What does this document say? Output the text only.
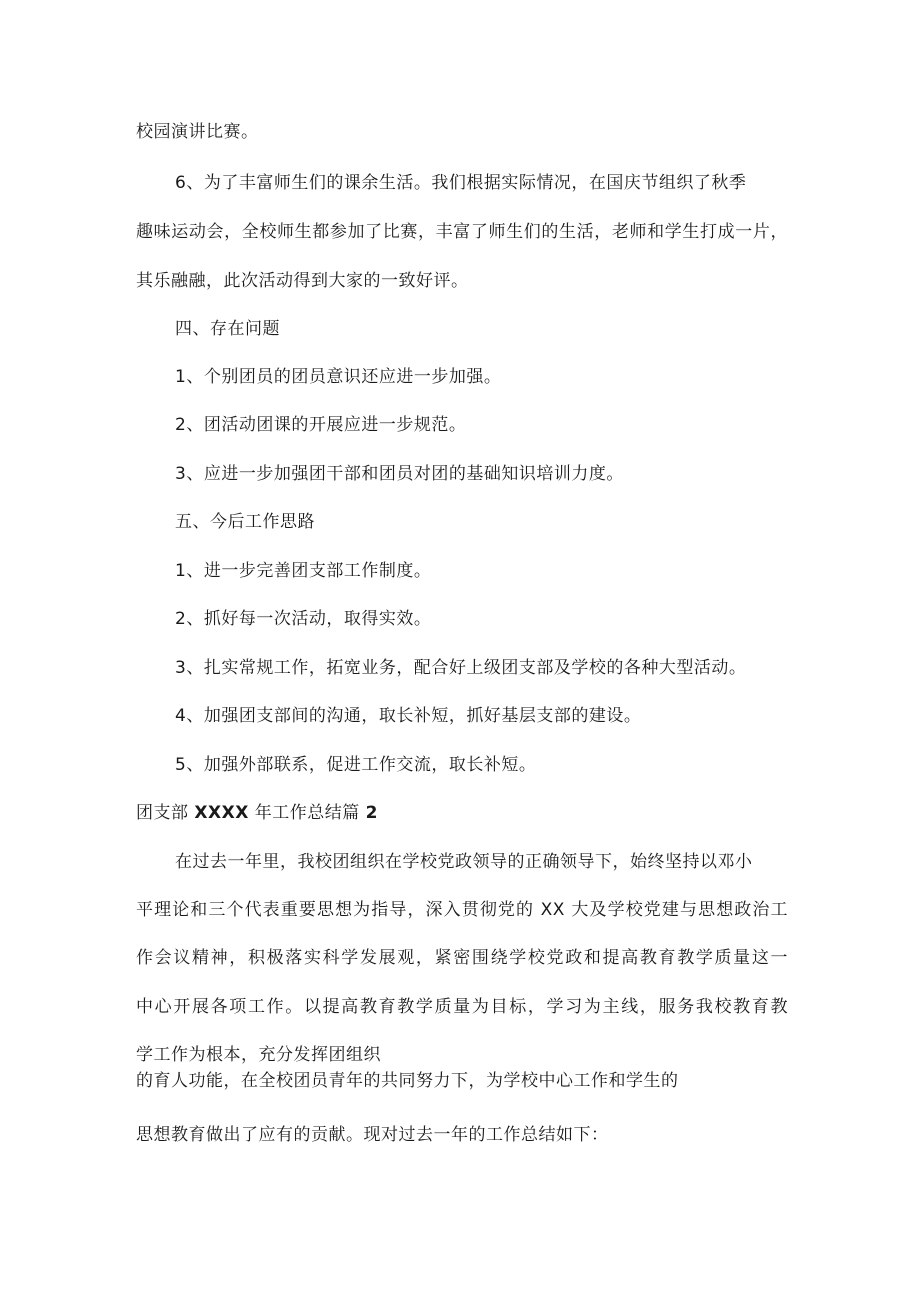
校园演讲比赛。
6、为了丰富师生们的课余生活。我们根据实际情况，在国庆节组织了秋季
趣味运动会，全校师生都参加了比赛，丰富了师生们的生活，老师和学生打成一片，
其乐融融，此次活动得到大家的一致好评。
四、存在问题
1、个别团员的团员意识还应进一步加强。
2、团活动团课的开展应进一步规范。
3、应进一步加强团干部和团员对团的基础知识培训力度。
五、今后工作思路
1、进一步完善团支部工作制度。
2、抓好每一次活动，取得实效。
3、扎实常规工作，拓宽业务，配合好上级团支部及学校的各种大型活动。
4、加强团支部间的沟通，取长补短，抓好基层支部的建设。
5、加强外部联系，促进工作交流，取长补短。
团支部 XXXX 年工作总结篇 2
在过去一年里，我校团组织在学校党政领导的正确领导下，始终坚持以邓小
平理论和三个代表重要思想为指导，深入贯彻党的 XX 大及学校党建与思想政治工
作会议精神，积极落实科学发展观，紧密围绕学校党政和提高教育教学质量这一
中心开展各项工作。以提高教育教学质量为目标，学习为主线，服务我校教育教
学工作为根本，充分发挥团组织
的育人功能，在全校团员青年的共同努力下，为学校中心工作和学生的
思想教育做出了应有的贡献。现对过去一年的工作总结如下：
